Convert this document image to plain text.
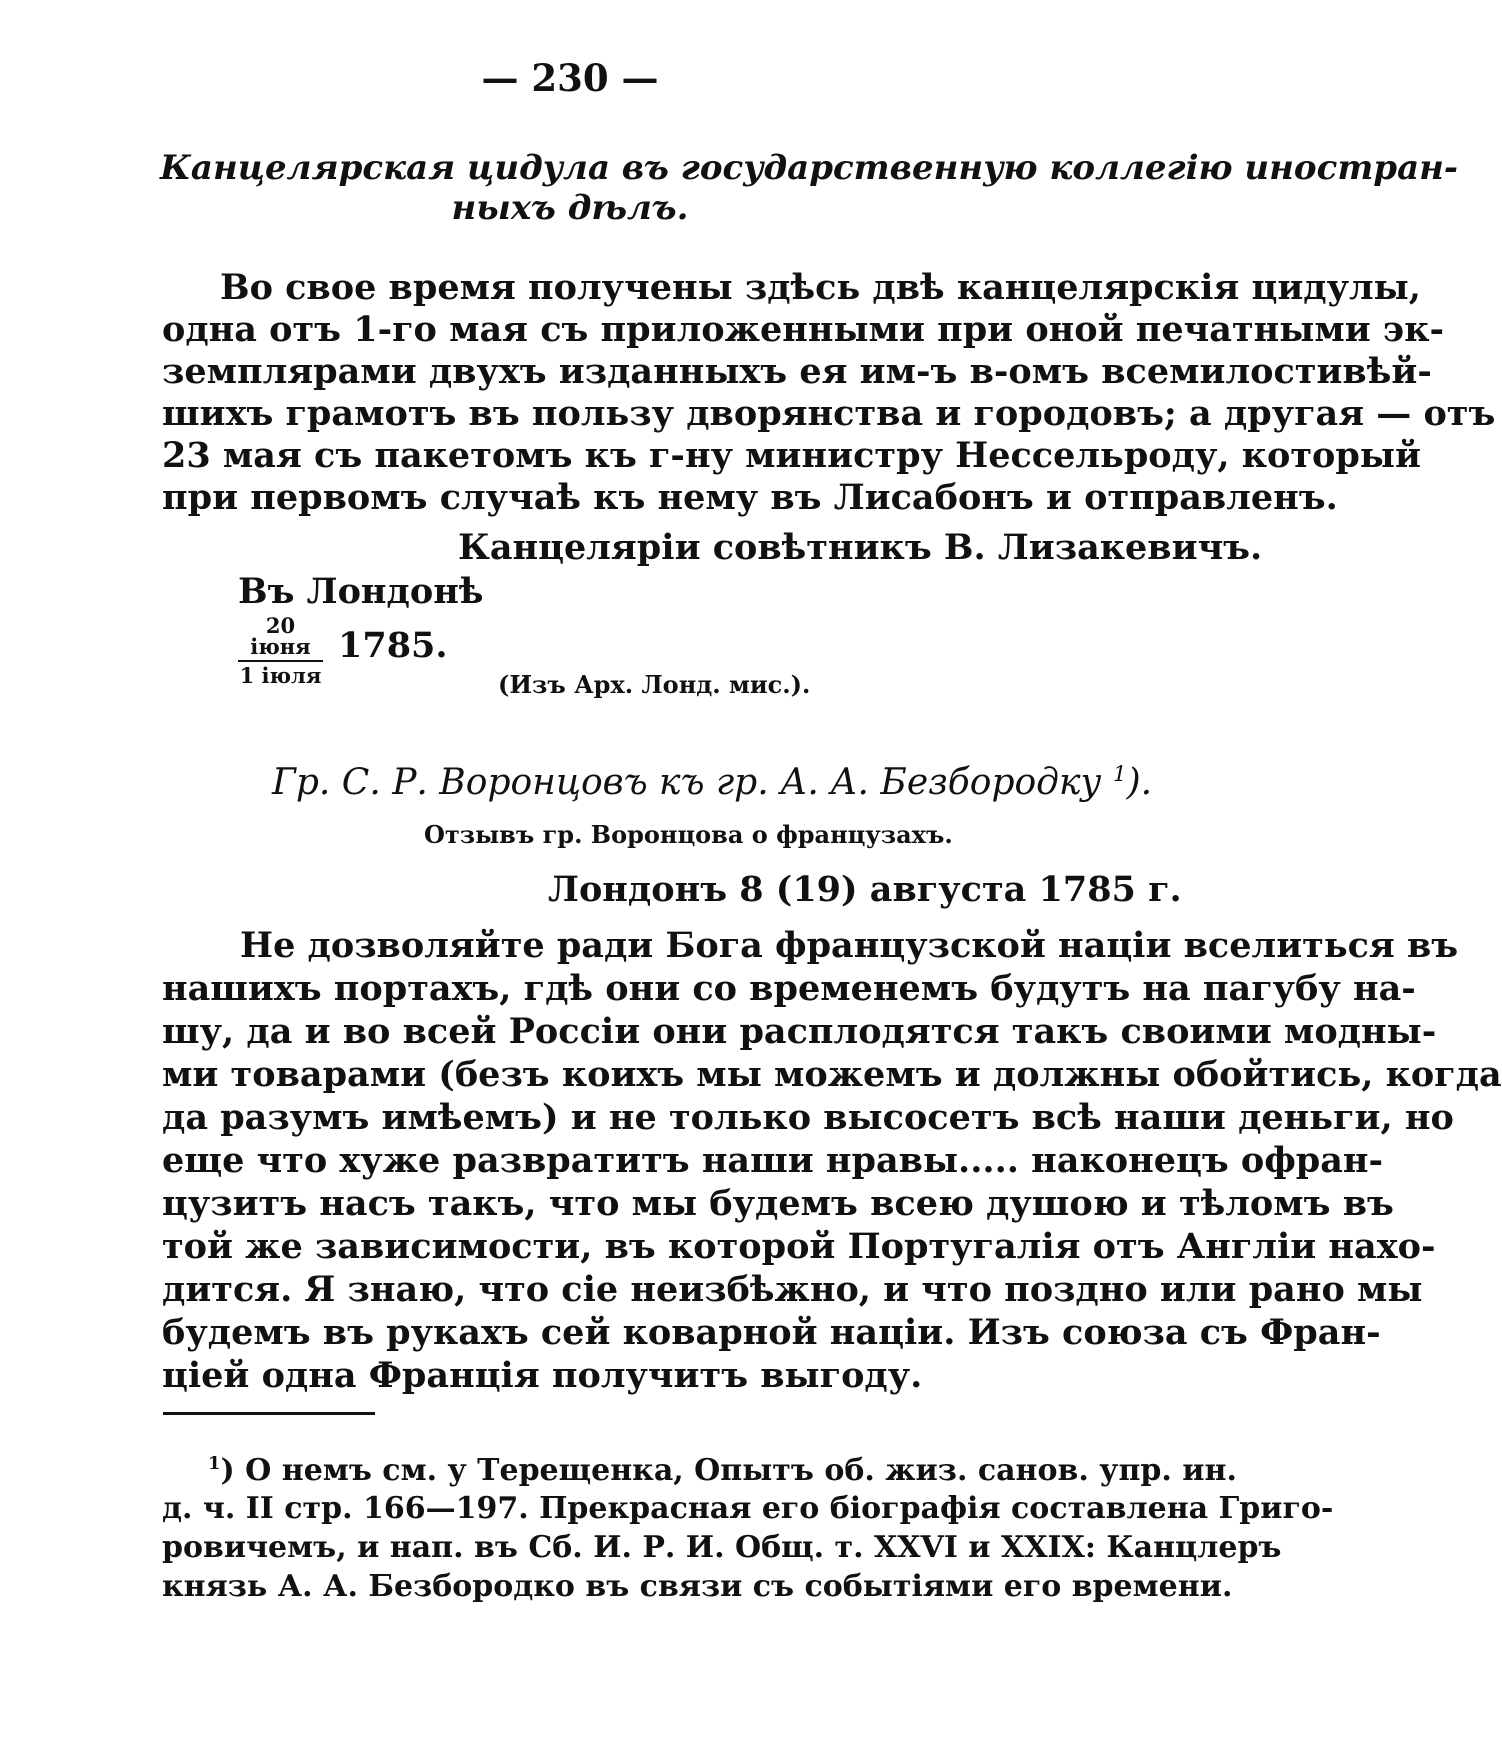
— 230 —
Канцелярская цидула въ государственную коллегію иностран-
ныхъ дѣлъ.
Во свое время получены здѣсь двѣ канцелярскія цидулы,
одна отъ 1-го мая съ приложенными при оной печатными эк-
земплярами двухъ изданныхъ ея им-ъ в-омъ всемилостивѣй-
шихъ грамотъ въ пользу дворянства и городовъ; а другая — отъ
23 мая съ пакетомъ къ г-ну министру Нессельроду, который
при первомъ случаѣ къ нему въ Лисабонъ и отправленъ.
Канцеляріи совѣтникъ В. Лизакевичъ.
Въ Лондонѣ
20 іюня
1 іюля
1785.
(Изъ Арх. Лонд. мис.).
Гр. С. Р. Воронцовъ къ гр. А. А. Безбородку $^1$).
Отзывъ гр. Воронцова о французахъ.
Лондонъ 8 (19) августа 1785 г.
Не дозволяйте ради Бога французской націи вселиться въ
нашихъ портахъ, гдѣ они со временемъ будутъ на пагубу на-
шу, да и во всей Россіи они расплодятся такъ своими модны-
ми товарами (безъ коихъ мы можемъ и должны обойтись, когда
да разумъ имѣемъ) и не только высосетъ всѣ наши деньги, но
еще что хуже развратитъ наши нравы..... наконецъ офран-
цузитъ насъ такъ, что мы будемъ всею душою и тѣломъ въ
той же зависимости, въ которой Португалія отъ Англіи нахо-
дится. Я знаю, что сіе неизбѣжно, и что поздно или рано мы
будемъ въ рукахъ сей коварной націи. Изъ союза съ Фран-
ціей одна Франція получитъ выгоду.
$^1$) О немъ см. у Терещенка, Опытъ об. жиз. санов. упр. ин.
д. ч. II стр. 166—197. Прекрасная его біографія составлена Григо-
ровичемъ, и нап. въ Сб. И. Р. И. Общ. т. XXVI и XXIX: Канцлеръ
князь А. А. Безбородко въ связи съ событіями его времени.
